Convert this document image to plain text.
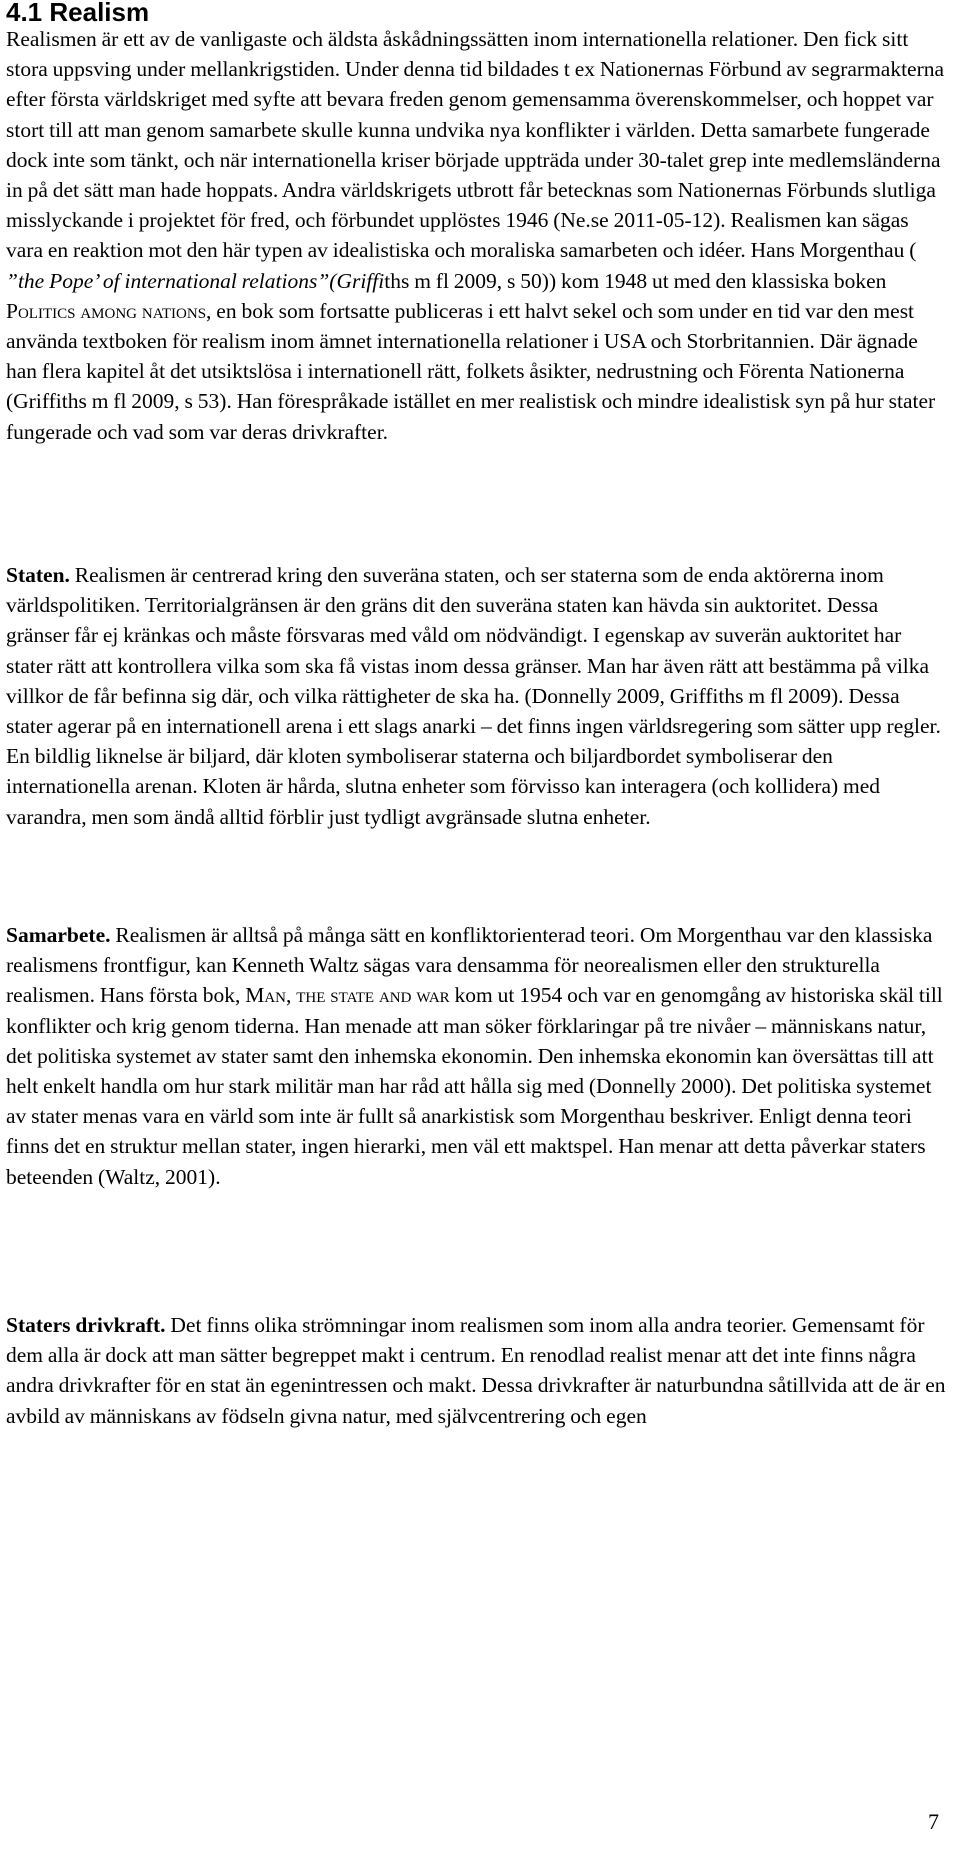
4.1 Realism

Realismen är ett av de vanligaste och äldsta åskådningssätten inom internationella relationer. Den fick sitt stora uppsving under mellankrigstiden. Under denna tid bildades t ex Nationernas Förbund av segrarmakterna efter första världskriget med syfte att bevara freden genom gemensamma överenskommelser, och hoppet var stort till att man genom samarbete skulle kunna undvika nya konflikter i världen. Detta samarbete fungerade dock inte som tänkt, och när internationella kriser började uppträda under 30-talet grep inte medlemsländerna in på det sätt man hade hoppats. Andra världskrigets utbrott får betecknas som Nationernas Förbunds slutliga misslyckande i projektet för fred, och förbundet upplöstes 1946 (Ne.se 2011-05-12). Realismen kan sägas vara en reaktion mot den här typen av idealistiska och moraliska samarbeten och idéer. Hans Morgenthau ( ”the Pope’ of international relations”(Griffiths m fl 2009, s 50)) kom 1948 ut med den klassiska boken Politics among nations, en bok som fortsatte publiceras i ett halvt sekel och som under en tid var den mest använda textboken för realism inom ämnet internationella relationer i USA och Storbritannien. Där ägnade han flera kapitel åt det utsiktslösa i internationell rätt, folkets åsikter, nedrustning och Förenta Nationerna (Griffiths m fl 2009, s 53). Han förespråkade istället en mer realistisk och mindre idealistisk syn på hur stater fungerade och vad som var deras drivkrafter.

Staten. Realismen är centrerad kring den suveräna staten, och ser staterna som de enda aktörerna inom världspolitiken. Territorialgränsen är den gräns dit den suveräna staten kan hävda sin auktoritet. Dessa gränser får ej kränkas och måste försvaras med våld om nödvändigt. I egenskap av suverän auktoritet har stater rätt att kontrollera vilka som ska få vistas inom dessa gränser. Man har även rätt att bestämma på vilka villkor de får befinna sig där, och vilka rättigheter de ska ha. (Donnelly 2009, Griffiths m fl 2009). Dessa stater agerar på en internationell arena i ett slags anarki – det finns ingen världsregering som sätter upp regler. En bildlig liknelse är biljard, där kloten symboliserar staterna och biljardbordet symboliserar den internationella arenan. Kloten är hårda, slutna enheter som förvisso kan interagera (och kollidera) med varandra, men som ändå alltid förblir just tydligt avgränsade slutna enheter.

Samarbete. Realismen är alltså på många sätt en konfliktorienterad teori. Om Morgenthau var den klassiska realismens frontfigur, kan Kenneth Waltz sägas vara densamma för neorealismen eller den strukturella realismen. Hans första bok, Man, the state and war kom ut 1954 och var en genomgång av historiska skäl till konflikter och krig genom tiderna. Han menade att man söker förklaringar på tre nivåer – människans natur, det politiska systemet av stater samt den inhemska ekonomin. Den inhemska ekonomin kan översättas till att helt enkelt handla om hur stark militär man har råd att hålla sig med (Donnelly 2000). Det politiska systemet av stater menas vara en värld som inte är fullt så anarkistisk som Morgenthau beskriver. Enligt denna teori finns det en struktur mellan stater, ingen hierarki, men väl ett maktspel. Han menar att detta påverkar staters beteenden (Waltz, 2001).

Staters drivkraft. Det finns olika strömningar inom realismen som inom alla andra teorier. Gemensamt för dem alla är dock att man sätter begreppet makt i centrum. En renodlad realist menar att det inte finns några andra drivkrafter för en stat än egenintressen och makt. Dessa drivkrafter är naturbundna såtillvida att de är en avbild av människans av födseln givna natur, med självcentrering och egen

7
